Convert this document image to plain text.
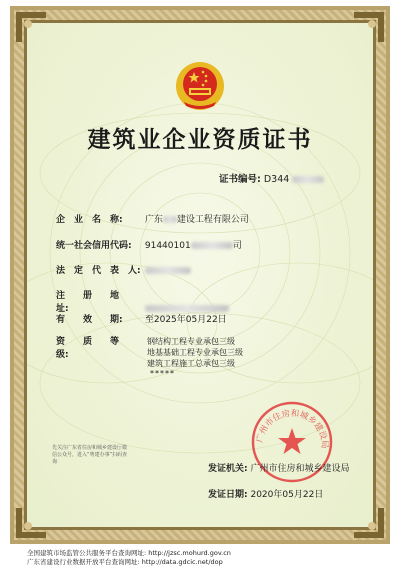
建筑业企业资质证书
证书编号: D344
企　业　名　称: 广东 建设工程有限公司
统一社会信用代码: 91440101	司
法　定　代　表　人:
注　　册　　地　　址:
有　　效　　期: 至2025年05月22日
资　　质　　等　　级:
钢结构工程专业承包三级
地基基础工程专业承包三级
建筑工程施工总承包三级
*****
先关注广东省住房和城乡建设厅微信公众号，进入“粤建办事”扫码查询
广州市住房和城乡建设局
发证机关: 广州市住房和城乡建设局
发证日期: 2020年05月22日
全国建筑市场监管公共服务平台查询网址: http://jzsc.mohurd.gov.cn
广东省建设行业数据开放平台查询网址: http://data.gdcic.net/dop
